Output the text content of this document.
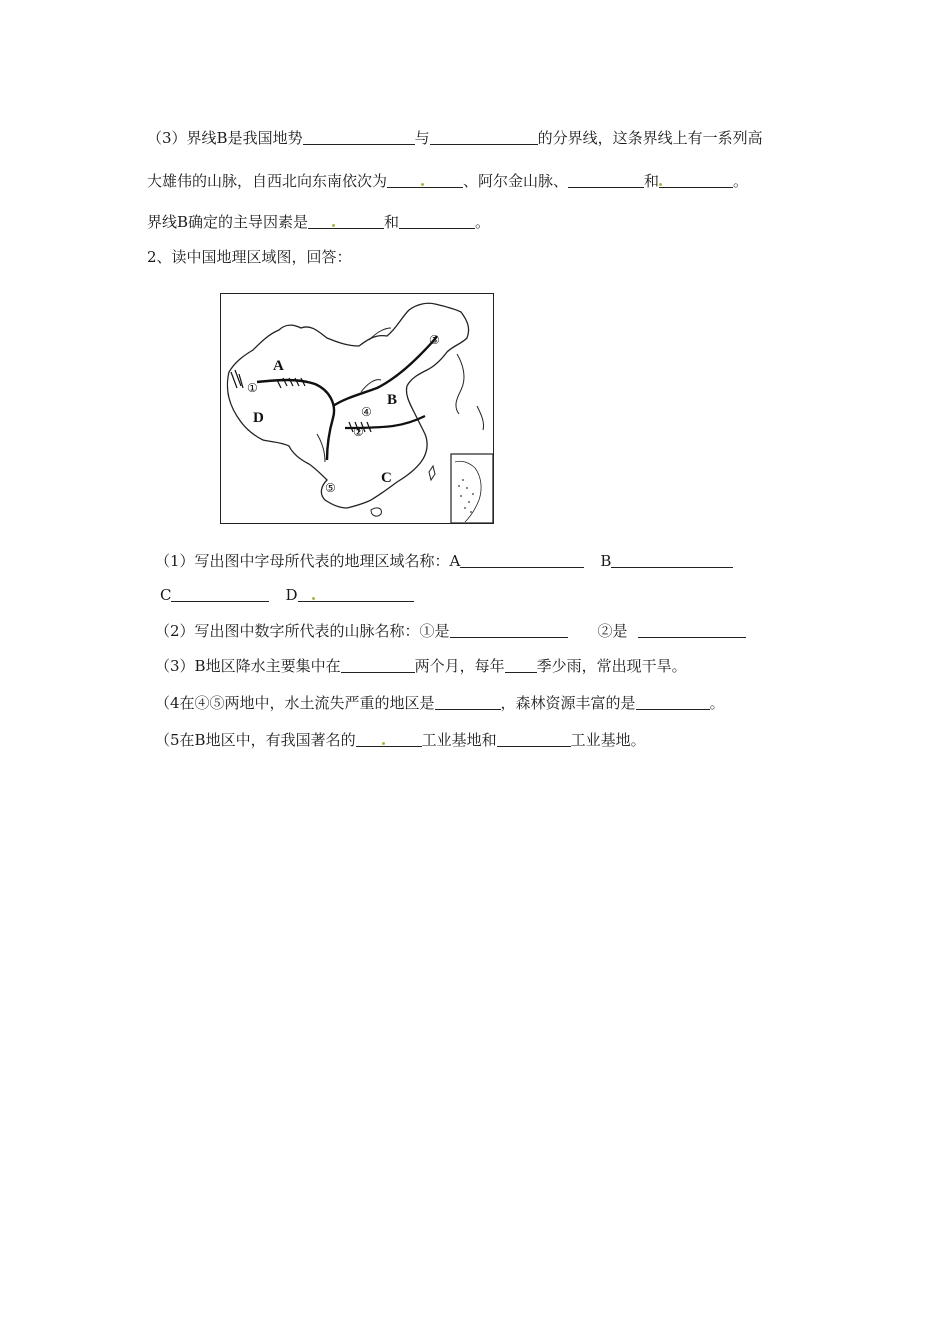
（3）界线B是我国地势	与	的分界线，这条界线上有一系列高
大雄伟的山脉，自西北向东南依次为	、阿尔金山脉、	和	。
界线B确定的主导因素是	和	。
2、读中国地理区域图，回答：
A
B
C
D
①
②
③
④
⑤
（1）写出图中字母所代表的地理区域名称：A	B
C	D
（2）写出图中数字所代表的山脉名称：①是	②是
（3）B地区降水主要集中在	两个月，每年 季少雨，常出现干旱。
（4在④⑤两地中，水土流失严重的地区是	，森林资源丰富的是	。
（5在B地区中，有我国著名的	工业基地和	工业基地。
